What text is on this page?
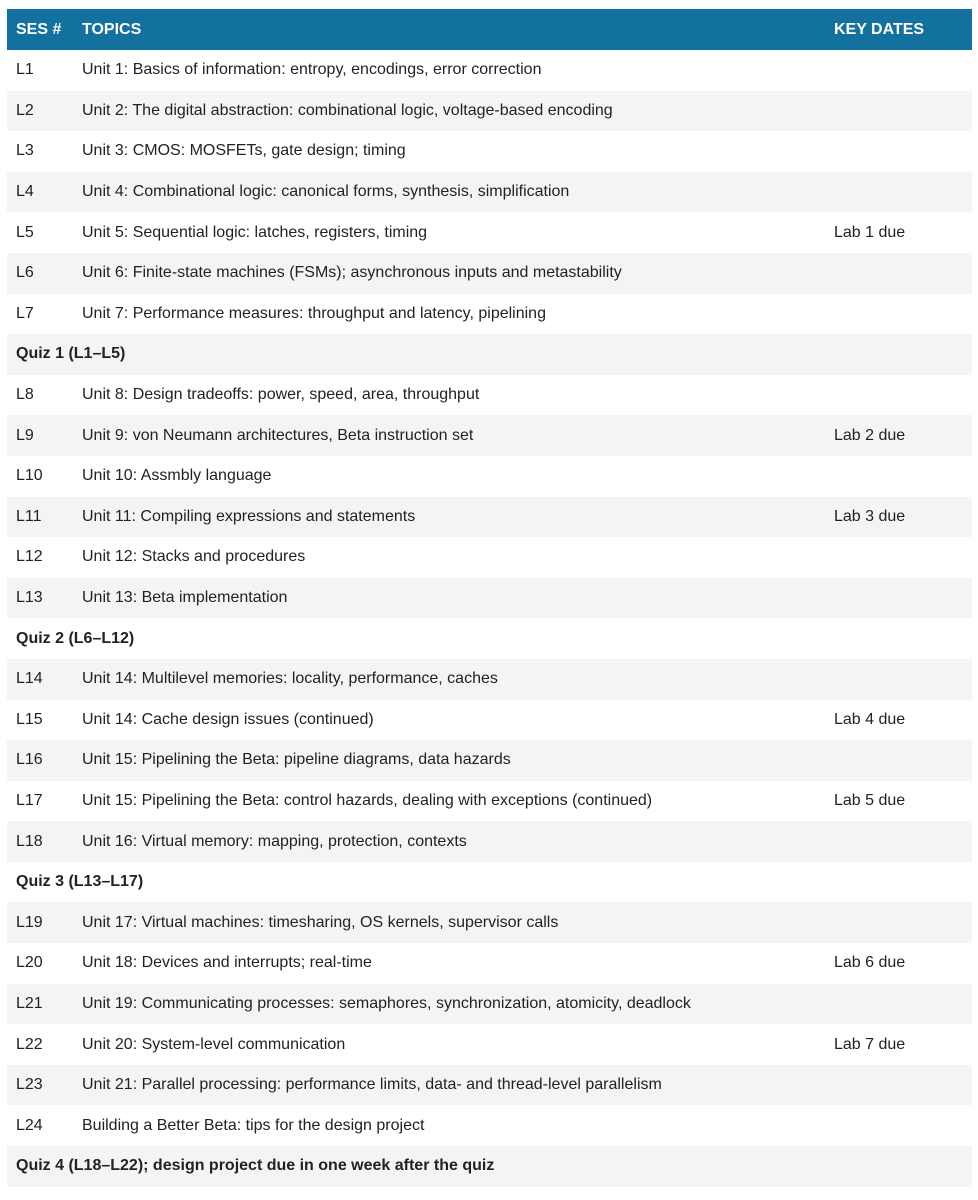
SES #	TOPICS	KEY DATES
L1	Unit 1: Basics of information: entropy, encodings, error correction	
L2	Unit 2: The digital abstraction: combinational logic, voltage-based encoding	
L3	Unit 3: CMOS: MOSFETs, gate design; timing	
L4	Unit 4: Combinational logic: canonical forms, synthesis, simplification	
L5	Unit 5: Sequential logic: latches, registers, timing	Lab 1 due
L6	Unit 6: Finite-state machines (FSMs); asynchronous inputs and metastability	
L7	Unit 7: Performance measures: throughput and latency, pipelining	
Quiz 1 (L1–L5)		
L8	Unit 8: Design tradeoffs: power, speed, area, throughput	
L9	Unit 9: von Neumann architectures, Beta instruction set	Lab 2 due
L10	Unit 10: Assmbly language	
L11	Unit 11: Compiling expressions and statements	Lab 3 due
L12	Unit 12: Stacks and procedures	
L13	Unit 13: Beta implementation	
Quiz 2 (L6–L12)		
L14	Unit 14: Multilevel memories: locality, performance, caches	
L15	Unit 14: Cache design issues (continued)	Lab 4 due
L16	Unit 15: Pipelining the Beta: pipeline diagrams, data hazards	
L17	Unit 15: Pipelining the Beta: control hazards, dealing with exceptions (continued)	Lab 5 due
L18	Unit 16: Virtual memory: mapping, protection, contexts	
Quiz 3 (L13–L17)		
L19	Unit 17: Virtual machines: timesharing, OS kernels, supervisor calls	
L20	Unit 18: Devices and interrupts; real-time	Lab 6 due
L21	Unit 19: Communicating processes: semaphores, synchronization, atomicity, deadlock	
L22	Unit 20: System-level communication	Lab 7 due
L23	Unit 21: Parallel processing: performance limits, data- and thread-level parallelism	
L24	Building a Better Beta: tips for the design project	
Quiz 4 (L18–L22); design project due in one week after the quiz		
